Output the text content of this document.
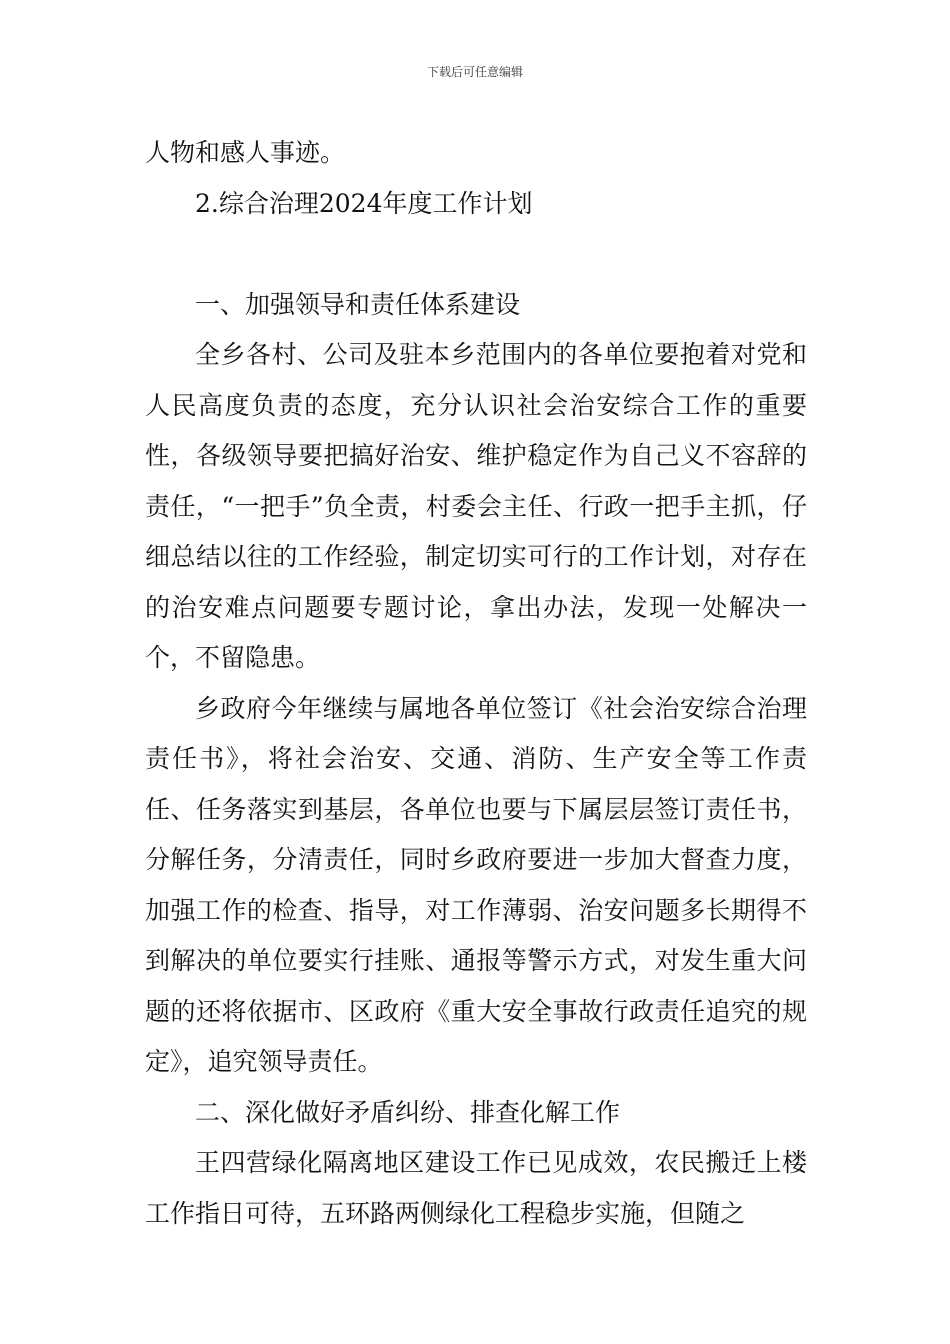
下载后可任意编辑

人物和感人事迹。

2.综合治理2024年度工作计划

一、加强领导和责任体系建设

全乡各村、公司及驻本乡范围内的各单位要抱着对党和人民高度负责的态度，充分认识社会治安综合工作的重要性，各级领导要把搞好治安、维护稳定作为自己义不容辞的责任，“一把手”负全责，村委会主任、行政一把手主抓，仔细总结以往的工作经验，制定切实可行的工作计划，对存在的治安难点问题要专题讨论，拿出办法，发现一处解决一个，不留隐患。

乡政府今年继续与属地各单位签订《社会治安综合治理责任书》，将社会治安、交通、消防、生产安全等工作责任、任务落实到基层，各单位也要与下属层层签订责任书，分解任务，分清责任，同时乡政府要进一步加大督查力度，加强工作的检查、指导，对工作薄弱、治安问题多长期得不到解决的单位要实行挂账、通报等警示方式，对发生重大问题的还将依据市、区政府《重大安全事故行政责任追究的规定》，追究领导责任。

二、深化做好矛盾纠纷、排查化解工作

王四营绿化隔离地区建设工作已见成效，农民搬迁上楼工作指日可待，五环路两侧绿化工程稳步实施，但随之
